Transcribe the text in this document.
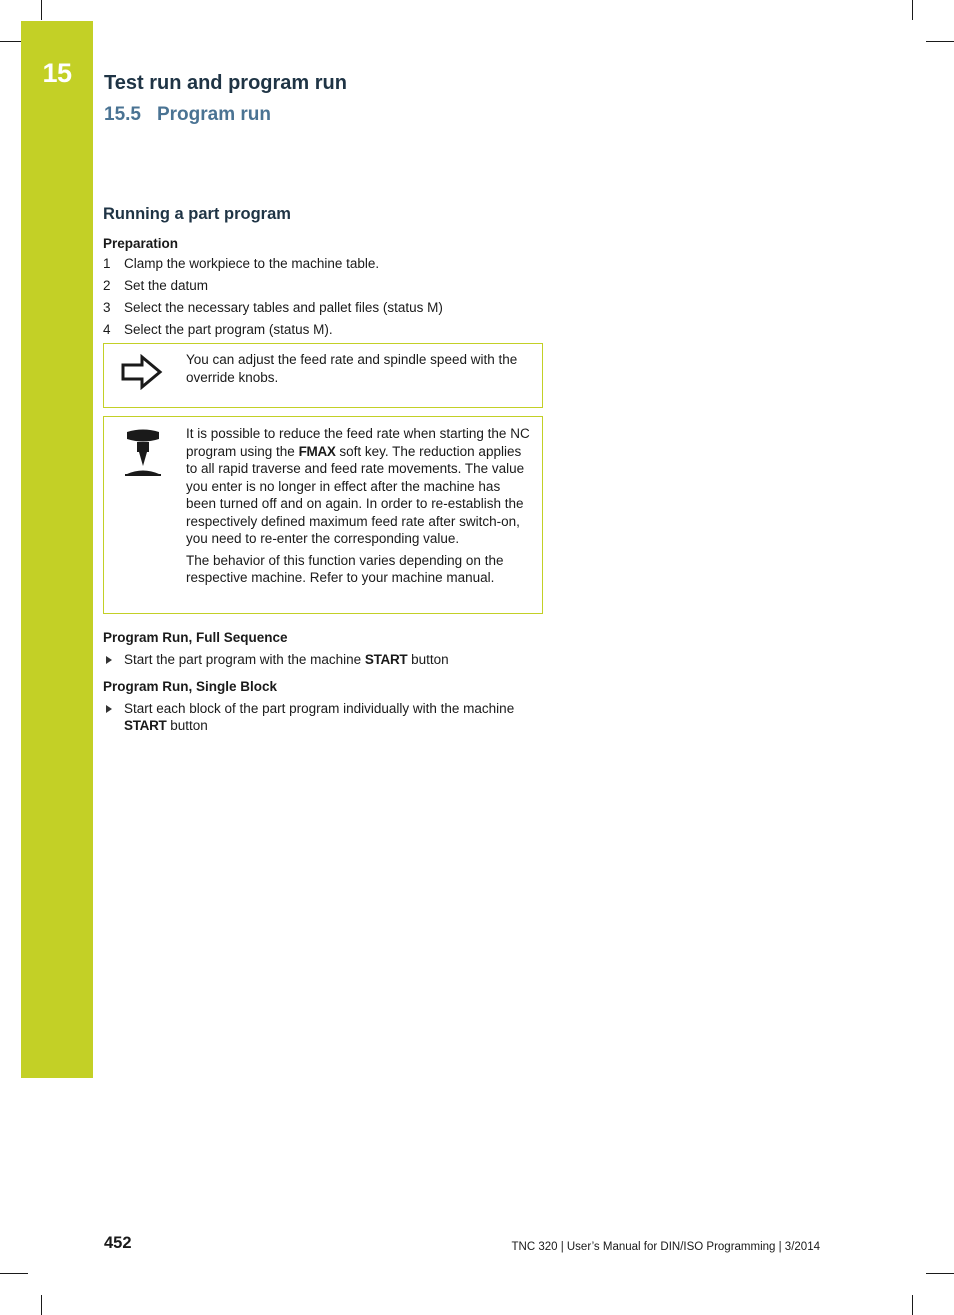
15	Test run and program run
15.5 Program run
Running a part program
Preparation
1 Clamp the workpiece to the machine table.
2 Set the datum
3 Select the necessary tables and pallet files (status M)
4 Select the part program (status M).

You can adjust the feed rate and spindle speed with the override knobs.

It is possible to reduce the feed rate when starting the NC program using the FMAX soft key. The reduction applies to all rapid traverse and feed rate movements. The value you enter is no longer in effect after the machine has been turned off and on again. In order to re-establish the respectively defined maximum feed rate after switch-on, you need to re-enter the corresponding value.

The behavior of this function varies depending on the respective machine. Refer to your machine manual.

Program Run, Full Sequence
Start the part program with the machine START button
Program Run, Single Block
Start each block of the part program individually with the machine START button
452	TNC 320 | User’s Manual for DIN/ISO Programming | 3/2014
